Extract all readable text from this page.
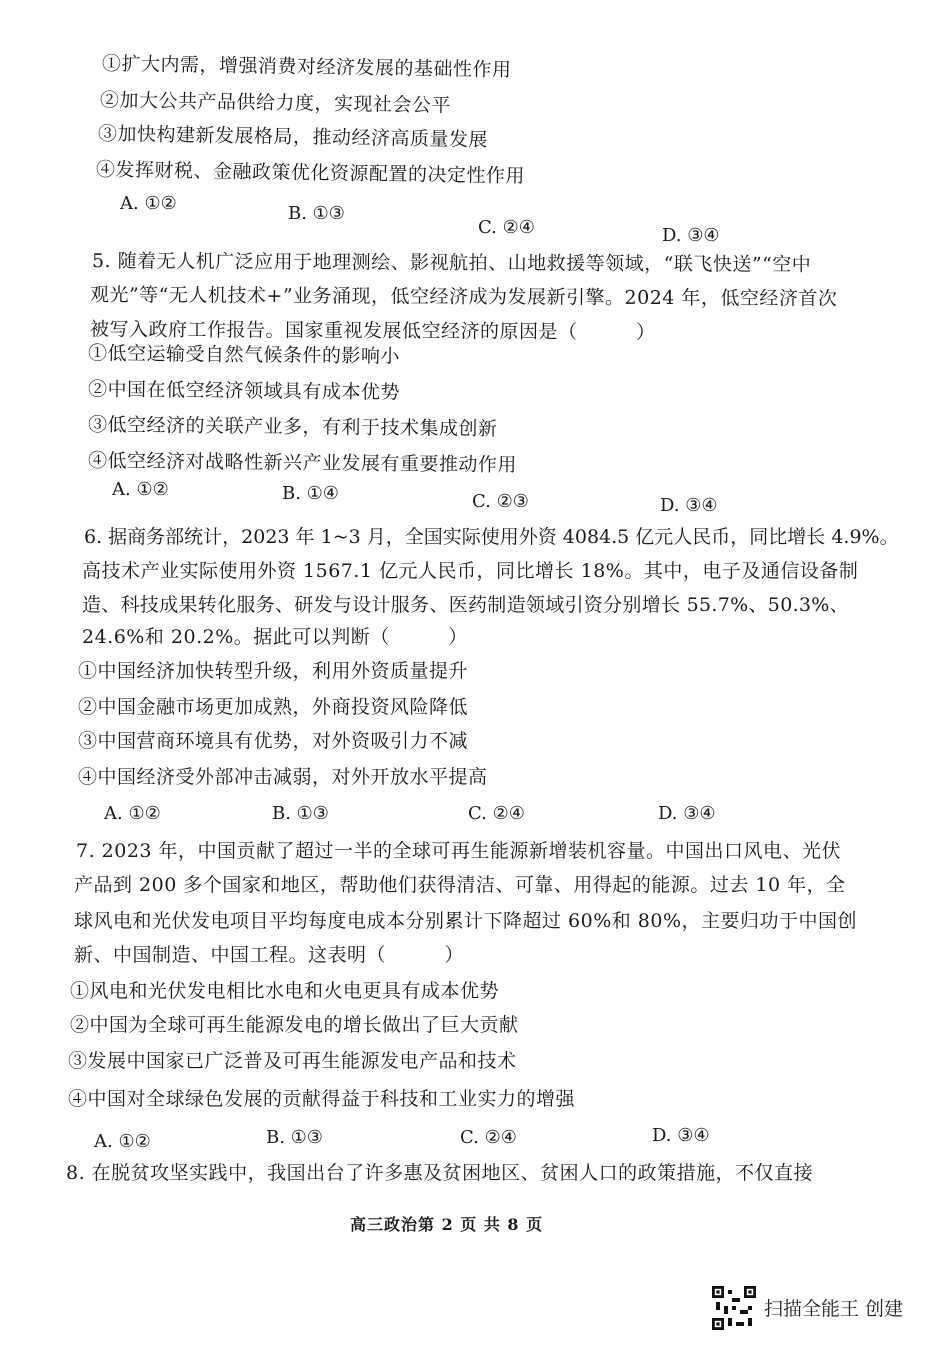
①扩大内需，增强消费对经济发展的基础性作用
②加大公共产品供给力度，实现社会公平
③加快构建新发展格局，推动经济高质量发展
④发挥财税、金融政策优化资源配置的决定性作用
A. ①②	B. ①③
C. ②④	D. ③④
5. 随着无人机广泛应用于地理测绘、影视航拍、山地救援等领域，“联飞快送”“空中
观光”等“无人机技术+”业务涌现，低空经济成为发展新引擎。2024 年，低空经济首次
被写入政府工作报告。国家重视发展低空经济的原因是（　　　）
①低空运输受自然气候条件的影响小
②中国在低空经济领域具有成本优势
③低空经济的关联产业多，有利于技术集成创新
④低空经济对战略性新兴产业发展有重要推动作用
A. ①②	B. ①④	C. ②③	D. ③④
6. 据商务部统计，2023 年 1~3 月，全国实际使用外资 4084.5 亿元人民币，同比增长 4.9%。
高技术产业实际使用外资 1567.1 亿元人民币，同比增长 18%。其中，电子及通信设备制
造、科技成果转化服务、研发与设计服务、医药制造领域引资分别增长 55.7%、50.3%、
24.6%和 20.2%。据此可以判断（　　　）
①中国经济加快转型升级，利用外资质量提升
②中国金融市场更加成熟，外商投资风险降低
③中国营商环境具有优势，对外资吸引力不减
④中国经济受外部冲击减弱，对外开放水平提高
A. ①②	B. ①③	C. ②④	D. ③④
7. 2023 年，中国贡献了超过一半的全球可再生能源新增装机容量。中国出口风电、光伏
产品到 200 多个国家和地区，帮助他们获得清洁、可靠、用得起的能源。过去 10 年，全
球风电和光伏发电项目平均每度电成本分别累计下降超过 60%和 80%，主要归功于中国创
新、中国制造、中国工程。这表明（　　　）
①风电和光伏发电相比水电和火电更具有成本优势
②中国为全球可再生能源发电的增长做出了巨大贡献
③发展中国家已广泛普及可再生能源发电产品和技术
④中国对全球绿色发展的贡献得益于科技和工业实力的增强
A. ①②	B. ①③	C. ②④	D. ③④
8. 在脱贫攻坚实践中，我国出台了许多惠及贫困地区、贫困人口的政策措施，不仅直接
高三政治第 2 页 共 8 页
扫描全能王 创建
